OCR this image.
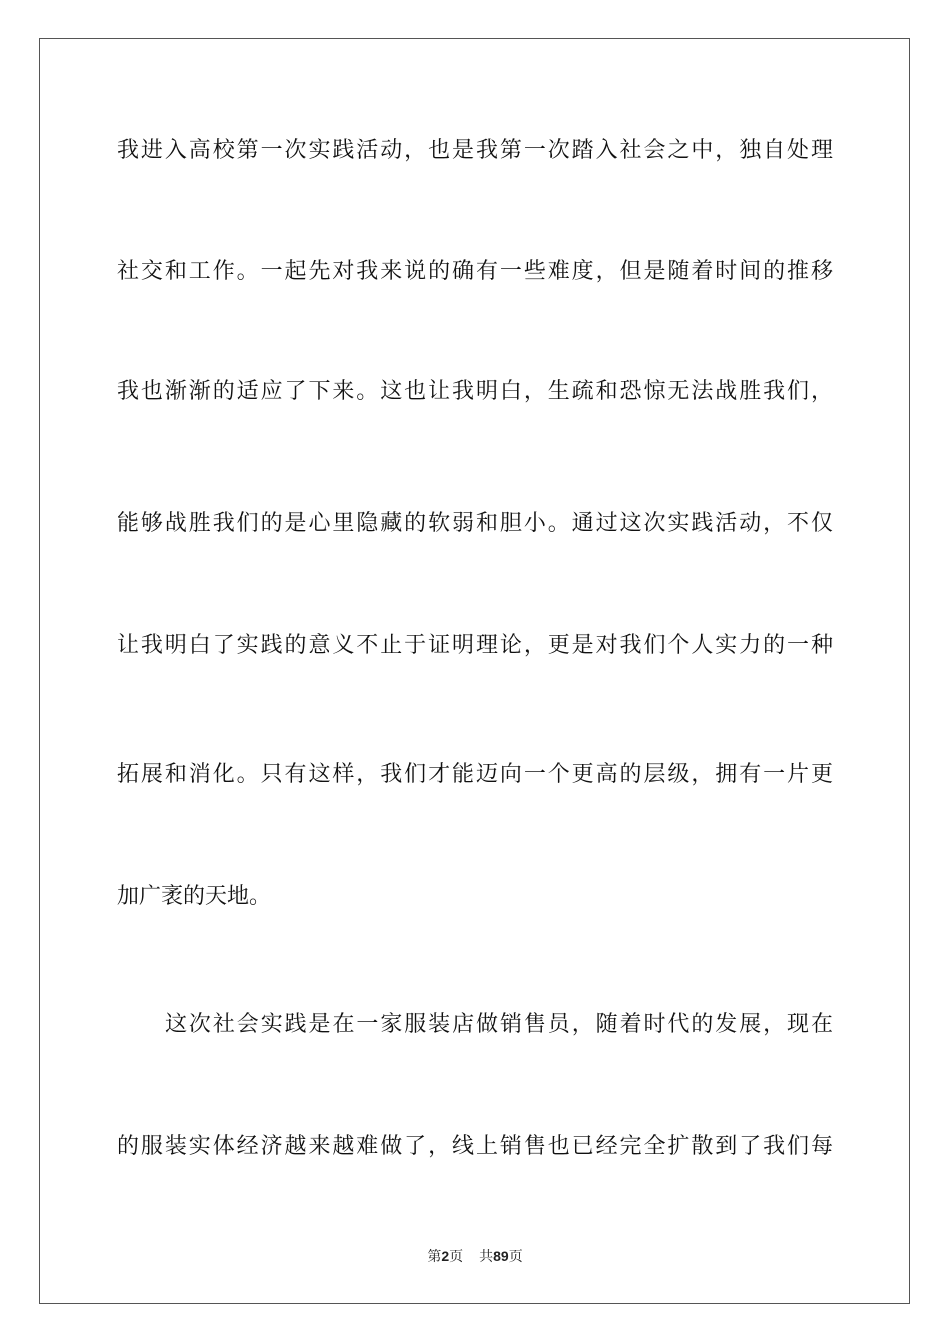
我进入高校第一次实践活动，也是我第一次踏入社会之中，独自处理
社交和工作。一起先对我来说的确有一些难度，但是随着时间的推移
我也渐渐的适应了下来。这也让我明白，生疏和恐惊无法战胜我们，
能够战胜我们的是心里隐藏的软弱和胆小。通过这次实践活动，不仅
让我明白了实践的意义不止于证明理论，更是对我们个人实力的一种
拓展和消化。只有这样，我们才能迈向一个更高的层级，拥有一片更
加广袤的天地。
这次社会实践是在一家服装店做销售员，随着时代的发展，现在
的服装实体经济越来越难做了，线上销售也已经完全扩散到了我们每
第2页 共89页
